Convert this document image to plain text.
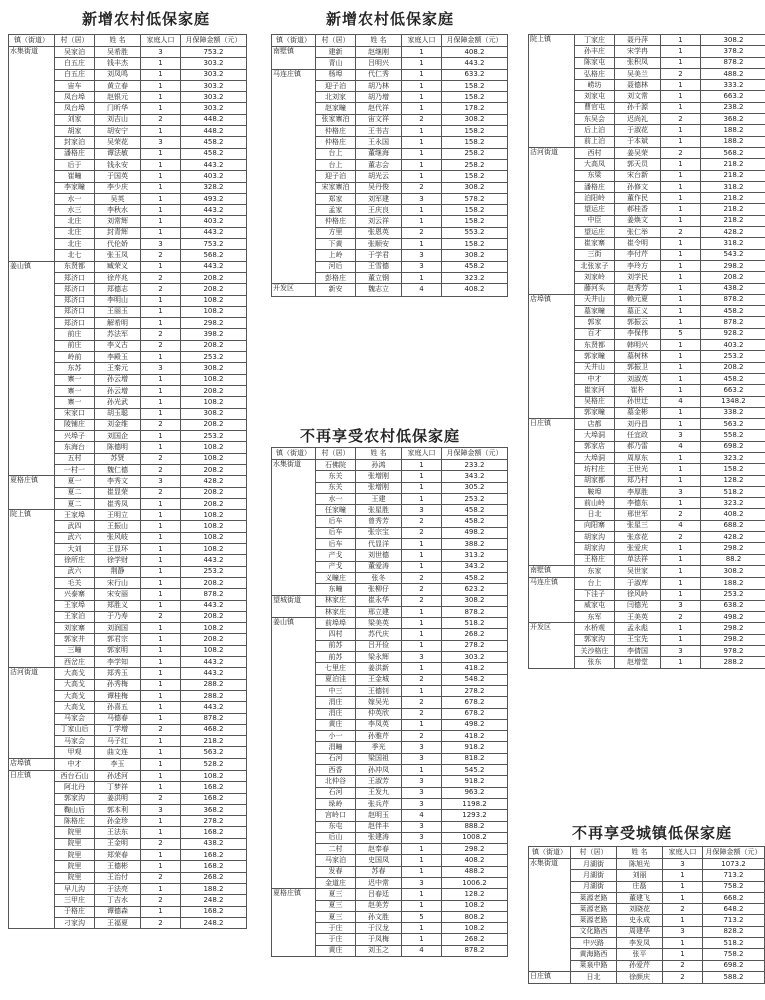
新增农村低保家庭	新增农村低保家庭
不再享受农村低保家庭
不再享受城镇低保家庭
镇（街道）	村（居）	姓 名	家庭人口	月保障金额（元）
水集街道	吴家泊	吴希胜	3	753.2
	白五庄	钱丰杰	1	303.2
	白五庄	刘凤鸣	1	303.2
	宙车	黄立春	1	303.2
	凤台埠	赵银元	1	303.2
	凤台埠	门昕华	1	303.2
	刘家	刘吉山	2	448.2
	胡家	胡安宁	1	448.2
	封家泊	吴荣花	3	458.2
	潘格庄	谭法敏	1	458.2
	后于	钱永安	1	443.2
	崔疃	于国英	1	403.2
	李家疃	李少庆	1	328.2
	水一	吴英	1	493.2
	水三	李秋水	1	443.2
	北庄	刘常辉	1	403.2
	北庄	封青辉	1	443.2
	北庄	代伦娇	3	753.2
	北七	张玉凤	2	568.2
姜山镇	东贤都	臧荣义	1	443.2
	郑济口	徐芹兆	2	208.2
	郑济口	郑德志	2	208.2
	郑济口	李明山	1	108.2
	郑济口	王丽玉	1	108.2
	郑济口	解希明	1	298.2
	前庄	苏法军	2	398.2
	前庄	李义古	2	208.2
	岭前	李殿玉	1	253.2
	东苏	王秦元	3	308.2
	寨一	孙云增	1	108.2
	寨一	孙云增	1	208.2
	寨一	孙光武	1	108.2
	宋家口	胡玉聪	1	308.2
	陵铺庄	刘金维	2	208.2
	兴埠子	刘国企	1	253.2
	东海台	陈德明	1	108.2
	五村	苏贤	2	108.2
	一村一	魏仁德	2	208.2
夏格庄镇	夏一	李秀文	3	428.2
	夏二	崔显荣	2	208.2
	夏二	崔秀凤	1	208.2
院上镇	王家埠	王明立	1	108.2
	武四	王振山	1	108.2
	武六	张风岐	1	108.2
	大刘	王显环	1	108.2
	徐所庄	徐学财	1	443.2
	武六	荆静	1	253.2
	毛关	宋行山	1	208.2
	兴泰寨	宋安丽	1	878.2
	王家埠	郑胜义	1	443.2
	王家泊	于乃寿	2	208.2
	刘家寨	刘润国	1	108.2
	郭家井	郭君宗	1	208.2
	三疃	郭家明	1	108.2
	西岔庄	李学知	1	443.2
沽河街道	大高戈	郑秀玉	1	443.2
	大高戈	孙秀梅	1	288.2
	大高戈	谭桂梅	1	288.2
	大高戈	孙喜五	1	443.2
	马家会	马德春	1	878.2
	丁家山后	丁学增	2	468.2
	马家会	马子红	1	218.2
	甲观	曲文连	1	563.2
店埠镇	中才	李玉	1	528.2
日庄镇	西台石山	孙述河	1	108.2
	阿北丹	丁梦祥	1	168.2
	郭家沟	姜洪明	2	168.2
	鞠山后	郭本利	3	368.2
	陈格庄	孙金珍	1	278.2
	院里	王法东	1	168.2
	院里	王金明	2	438.2
	院里	郑荣春	1	168.2
	院里	王德彬	1	168.2
	院里	王治付	2	268.2
	早儿沟	于法亮	1	188.2
	三甲庄	丁吉水	2	248.2
	于格庄	谭德森	1	168.2
	刁家沟	王福夏	2	248.2
镇（街道）	村（居）	姓 名	家庭人口	月保障金额（元）
南墅镇	建新	赵继刚	1	408.2
	青山	吕明兴	1	443.2
马连庄镇	杨埠	代仁秀	1	633.2
	迎子泊	胡乃林	1	158.2
	北刘家	胡乃增	1	158.2
	赵家疃	赵代祥	1	178.2
	张家寨泊	宙文祥	2	308.2
	仲格庄	王书吉	1	158.2
	仲格庄	王永国	1	158.2
	台上	董继海	1	258.2
	台上	董志会	1	258.2
	迎子泊	胡光云	1	158.2
	宋家寨泊	吴丹俊	2	308.2
	郑家	刘军建	3	578.2
	孟家	王庆良	1	158.2
	仲格庄	刘云祥	1	158.2
	方里	张恩英	2	553.2
	下黄	张顺安	1	158.2
	上岭	于学君	3	308.2
	河后	王雪德	3	458.2
	彭格庄	董立钢	1	323.2
开发区	新安	魏志立	4	408.2
院上镇	丁家庄	聂丹萍	1	308.2
	孙丰庄	宋学冉	1	378.2
	陈家屯	张积凤	1	878.2
	弘格庄	吴美兰	2	488.2
	崂坊	聂德林	1	333.2
	刘家屯	刘文常	1	663.2
	曹官屯	孙千源	1	238.2
	东吴会	迟尚礼	2	368.2
	后上泊	于淑花	1	188.2
	前上泊	于本斌	1	188.2
沽河街道	西村	姜吴荣	2	568.2
	大高凤	郭天员	1	218.2
	东梁	宋台新	1	218.2
	潘格庄	孙修文	1	318.2
	泊阳岭	董作民	1	218.2
	望运庄	郝桂香	1	218.2
	中臣	姜焕文	1	218.2
	望运庄	张仁举	2	428.2
	崔家寨	崔令明	1	318.2
	三街	李付芹	1	543.2
	北张家子	李玲方	1	298.2
	刘家岭	刘学民	1	208.2
	藤河头	赵秀芳	1	438.2
店埠镇	天井山	赖元夏	1	878.2
	墓家疃	墓正义	1	458.2
	郭家	郭振云	1	878.2
	百才	李保伟	5	928.2
	东贤都	韩明兴	1	403.2
	郭家疃	墓树林	1	253.2
	天井山	郭振卫	1	208.2
	中才	刘淑英	1	458.2
	崔家河	崔朴	1	663.2
	吴格庄	孙世迁	4	1348.2
	郭家疃	墓金彬	1	338.2
日庄镇	店都	刘丹昌	1	563.2
	大埠洞	任宜政	3	558.2
	郭家店	郝乃雷	4	698.2
	大埠洞	周厚东	1	323.2
	坊村庄	王世光	1	158.2
	胡家都	郑乃村	1	128.2
	鞍埠	李厚胜	3	518.2
	前山岭	李德东	1	323.2
	日北	邢世军	2	408.2
	向阳寨	张星三	4	688.2
	胡家沟	张彦花	2	428.2
	胡家沟	张爱庆	1	298.2
	王格庄	单法祥	1	88.2
南墅镇	东家	吴世家	1	308.2
马连庄镇	台上	于淑库	1	188.2
	下洼子	徐风岭	1	253.2
	威家屯	闫德光	3	638.2
	东军	王美英	2	498.2
开发区	水桥观	孟永彪	1	298.2
	郭家沟	王宝先	1	298.2
	关沙格庄	李倩国	3	978.2
	张东	赵增堂	1	288.2
镇（街道）	村（居）	姓 名	家庭人口	月保障金额（元）
水集街道	石佛院	孙鸿	1	233.2
	东关	张增刚	1	343.2
	东关	张增刚	1	305.2
	水一	王建	1	253.2
	任家疃	张星胜	3	458.2
	后车	曾秀芳	2	458.2
	后车	张宗宝	2	498.2
	后车	代显洋	1	388.2
	产戈	刘世德	1	313.2
	产戈	董爱涛	1	343.2
	义疃庄	张冬	2	458.2
	东疃	张柳仔	2	623.2
望城街道	林家庄	崔永华	2	308.2
	林家庄	邢立建	1	878.2
姜山镇	前埠埠	梁美英	1	518.2
	四村	苏代庆	1	268.2
	前苏	吕开俭	1	278.2
	前苏	梁永辉	3	303.2
	七里庄	姜洪新	1	418.2
	夏泊洼	王金城	2	548.2
	中三	王德钊	1	278.2
	涓庄	嫁吴光	2	678.2
	涓庄	仲英欣	2	678.2
	黄庄	李凤英	1	498.2
	小一	孙雅芹	2	418.2
	涓疃	季光	3	918.2
	石河	梁国祖	3	818.2
	西香	孙冲凤	1	545.2
	北仲谷	王淑芳	3	918.2
	石河	王发九	3	963.2
	垛岭	张兵芹	3	1198.2
	宫岭口	赵明玉	4	1293.2
	东屯	赵伴丰	3	888.2
	后山	张建涛	3	1008.2
	二村	赵奉春	1	298.2
	马家泊	史国凤	1	408.2
	发春	苏春	1	488.2
	金道庄	迟中常	3	1006.2
夏格庄镇	夏三	吕春廷	1	128.2
	夏三	赵美芳	1	108.2
	夏三	孙文胜	5	808.2
	于庄	于汉龙	1	108.2
	于庄	于凤梅	1	268.2
	黄庄	刘玉之	4	878.2
镇（街道）	村（居）	姓 名	家庭人口	月保障金额（元）
水集街道	月湖街	陈旭光	3	1073.2
	月湖街	刘丽	1	713.2
	月湖街	庄磊	1	758.2
	莱源老路	董建飞	1	668.2
	莱源老路	刘晓花	2	648.2
	莱源老路	史永成	1	713.2
	文化路西	周建华	3	828.2
	中兴路	李发凤	1	518.2
	黄海路西	张平	1	758.2
	莱泉中路	孙爱芹	2	698.2
日庄镇	日北	徐颜庆	2	588.2
